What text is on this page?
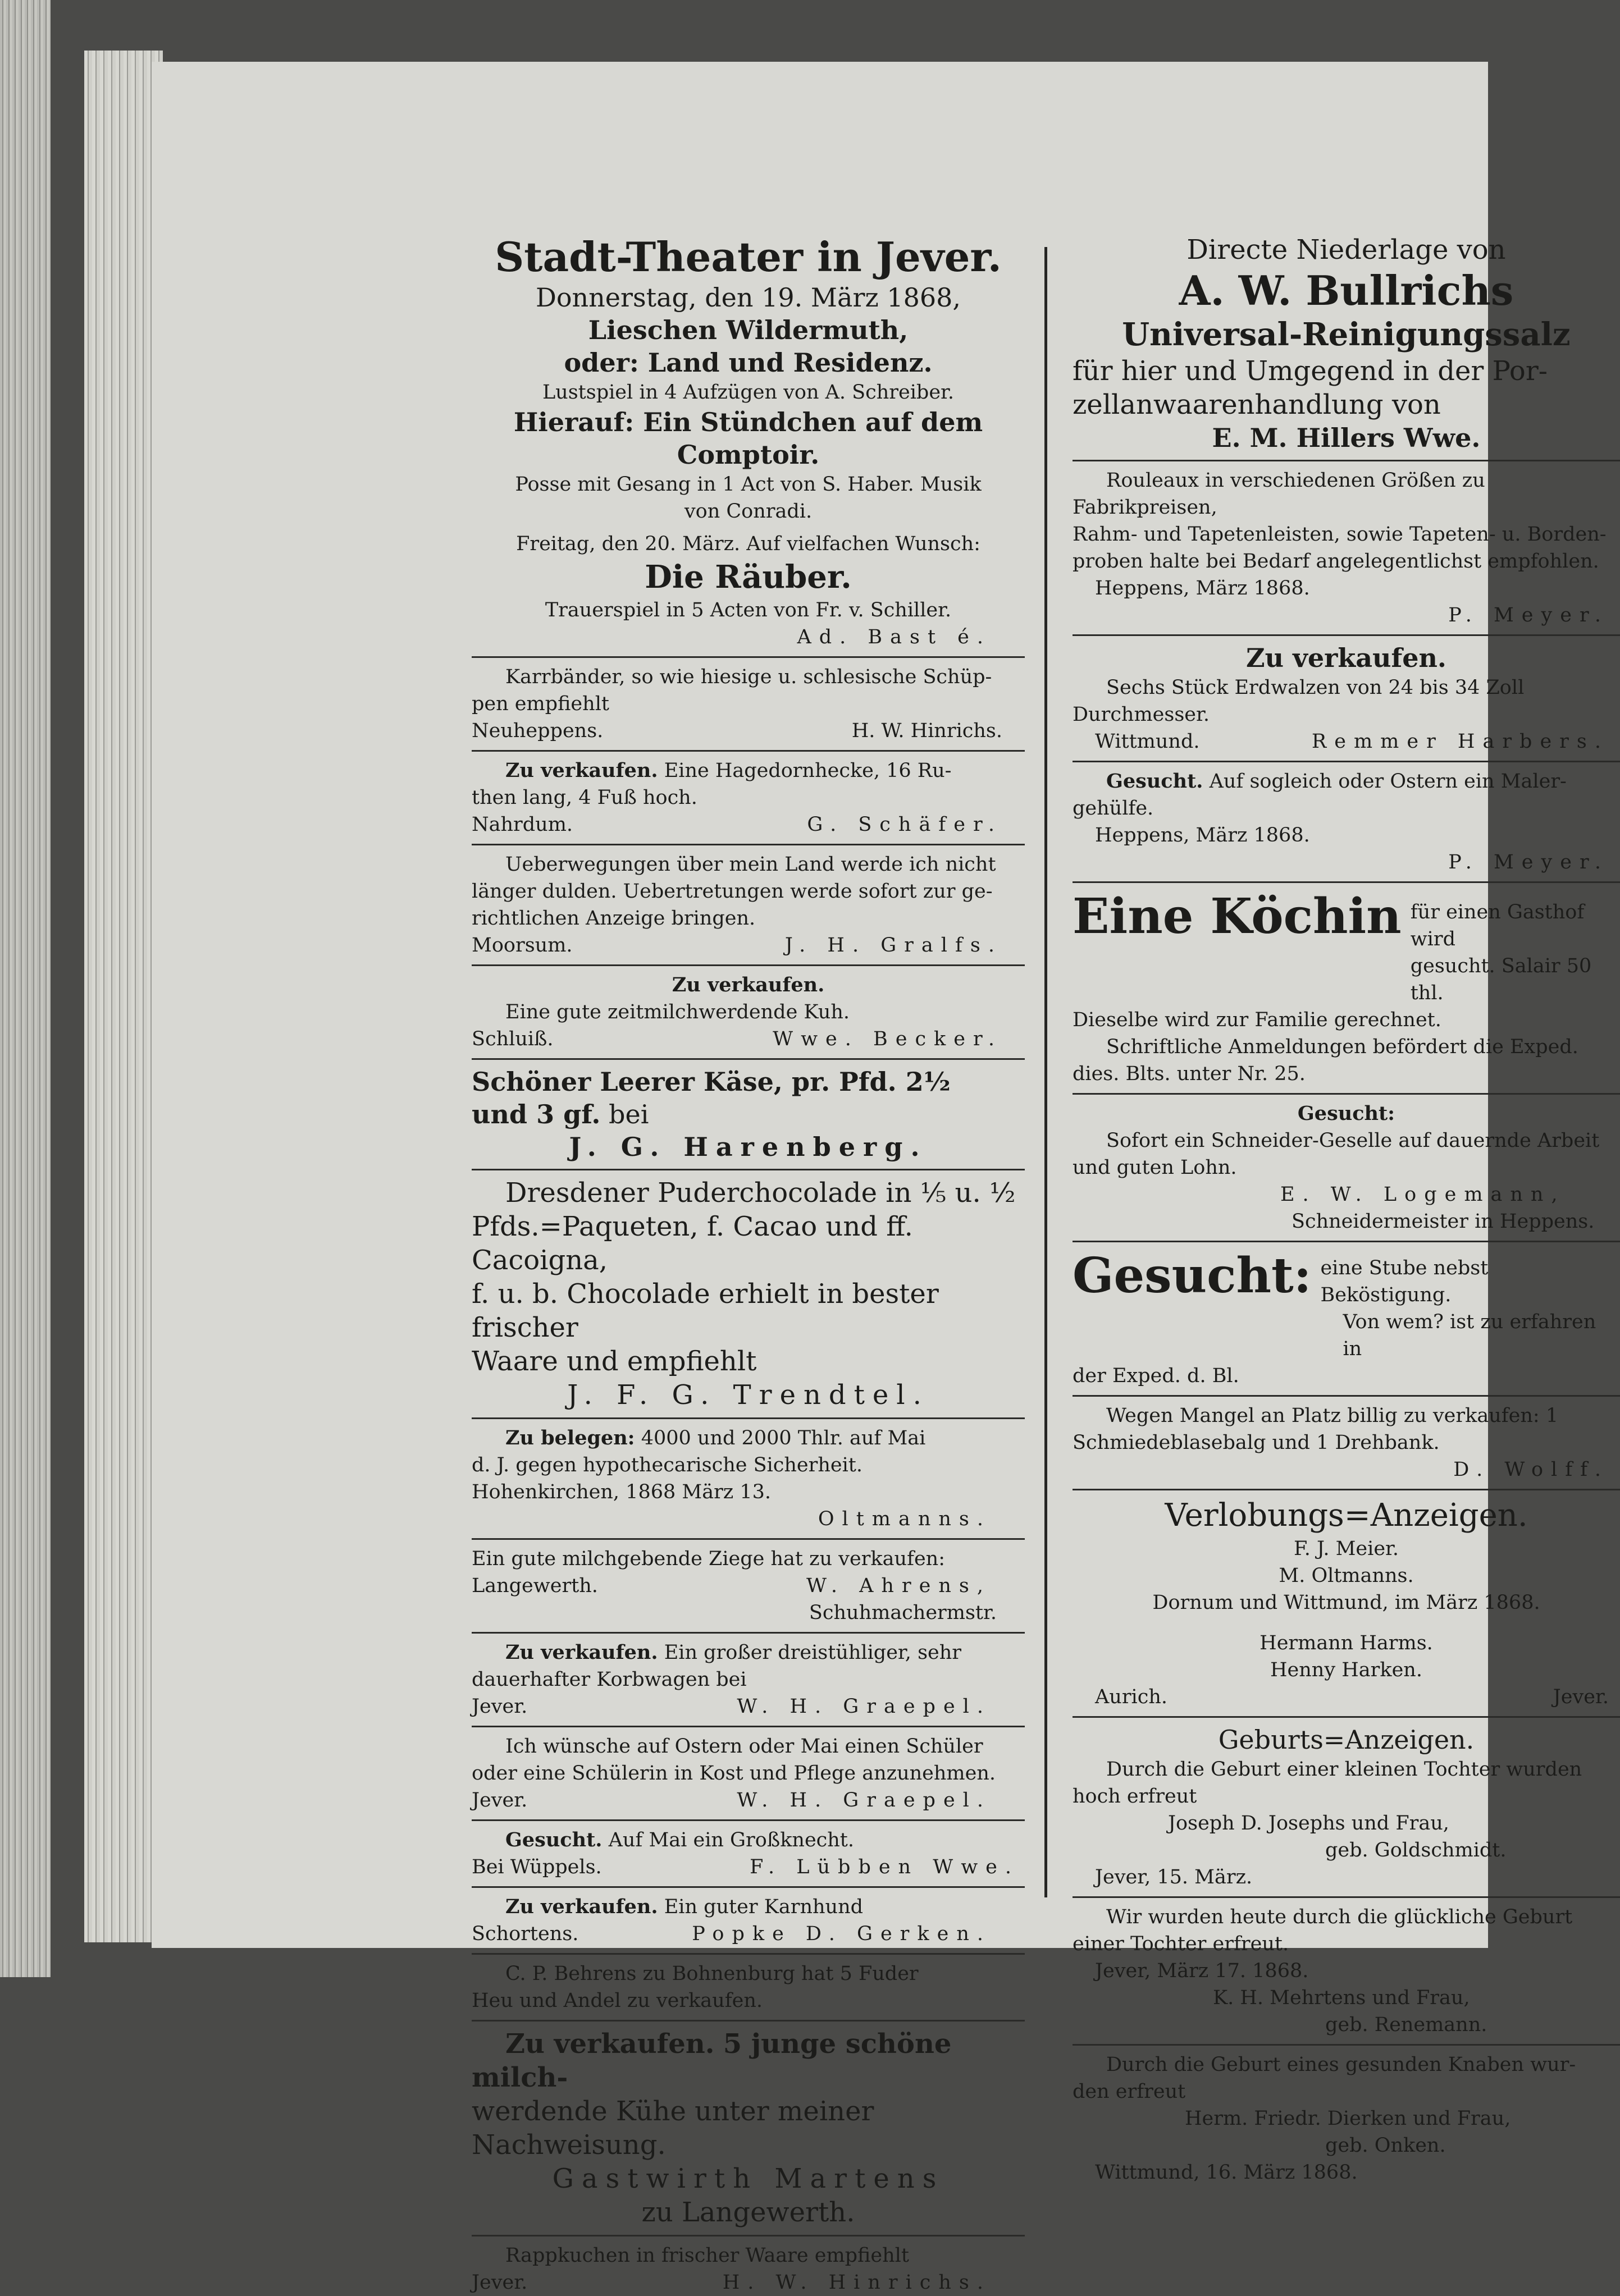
Stadt-Theater in Jever.
Donnerstag, den 19. März 1868,
Lieschen Wildermuth,
oder: Land und Residenz.
Lustspiel in 4 Aufzügen von A. Schreiber.
Hierauf: Ein Stündchen auf dem Comptoir.
Posse mit Gesang in 1 Act von S. Haber. Musik
von Conradi.
Freitag, den 20. März. Auf vielfachen Wunsch:
Die Räuber.
Trauerspiel in 5 Acten von Fr. v. Schiller.
Ad. Bast é.
Karrbänder, so wie hiesige u. schlesische Schüp-
pen empfiehlt
Neuheppens.	H. W. Hinrichs.
Zu verkaufen. Eine Hagedornhecke, 16 Ru-
then lang, 4 Fuß hoch.
Nahrdum.	G. Schäfer.
Ueberwegungen über mein Land werde ich nicht
länger dulden. Uebertretungen werde sofort zur ge-
richtlichen Anzeige bringen.
Moorsum.	J. H. Gralfs.
Zu verkaufen.
Eine gute zeitmilchwerdende Kuh.
Schluiß.	Wwe. Becker.
Schöner Leerer Käse, pr. Pfd. 2½
und 3 gf. bei
J. G. Harenberg.
Dresdener Puderchocolade in ⅕ u. ½
Pfds.=Paqueten, f. Cacao und ff. Cacoigna,
f. u. b. Chocolade erhielt in bester frischer
Waare und empfiehlt
J. F. G. Trendtel.
Zu belegen: 4000 und 2000 Thlr. auf Mai
d. J. gegen hypothecarische Sicherheit.
Hohenkirchen, 1868 März 13.
Oltmanns.
Ein gute milchgebende Ziege hat zu verkaufen:
Langewerth.	W. Ahrens,
Schuhmachermstr.
Zu verkaufen. Ein großer dreistühliger, sehr
dauerhafter Korbwagen bei
Jever.	W. H. Graepel.
Ich wünsche auf Ostern oder Mai einen Schüler
oder eine Schülerin in Kost und Pflege anzunehmen.
Jever.	W. H. Graepel.
Gesucht. Auf Mai ein Großknecht.
Bei Wüppels.	F. Lübben Wwe.
Zu verkaufen. Ein guter Karnhund
Schortens.	Popke D. Gerken.
C. P. Behrens zu Bohnenburg hat 5 Fuder
Heu und Andel zu verkaufen.
Zu verkaufen. 5 junge schöne milch-
werdende Kühe unter meiner Nachweisung.
Gastwirth Martens
zu Langewerth.
Rappkuchen in frischer Waare empfiehlt
Jever.	H. W. Hinrichs.
Directe Niederlage von
A. W. Bullrichs
Universal-Reinigungssalz
für hier und Umgegend in der Por-
zellanwaarenhandlung von
E. M. Hillers Wwe.
Rouleaux in verschiedenen Größen zu Fabrikpreisen,
Rahm- und Tapetenleisten, sowie Tapeten- u. Borden-
proben halte bei Bedarf angelegentlichst empfohlen.
Heppens, März 1868.
P. Meyer.
Zu verkaufen.
Sechs Stück Erdwalzen von 24 bis 34 Zoll
Durchmesser.
Wittmund.	Remmer Harbers.
Gesucht. Auf sogleich oder Ostern ein Maler-
gehülfe.
Heppens, März 1868.
P. Meyer.
Eine Köchin für einen Gasthof wird
gesucht. Salair 50 thl.
Dieselbe wird zur Familie gerechnet.
Schriftliche Anmeldungen befördert die Exped.
dies. Blts. unter Nr. 25.
Gesucht:
Sofort ein Schneider-Geselle auf dauernde Arbeit
und guten Lohn.
E. W. Logemann,
Schneidermeister in Heppens.
Gesucht: eine Stube nebst Beköstigung.
Von wem? ist zu erfahren in
der Exped. d. Bl.
Wegen Mangel an Platz billig zu verkaufen: 1
Schmiedeblasebalg und 1 Drehbank.
D. Wolff.
Verlobungs=Anzeigen.
F. J. Meier.
M. Oltmanns.
Dornum und Wittmund, im März 1868.
Hermann Harms.
Henny Harken.
Aurich.	Jever.
Geburts=Anzeigen.
Durch die Geburt einer kleinen Tochter wurden
hoch erfreut
Joseph D. Josephs und Frau,
geb. Goldschmidt.
Jever, 15. März.
Wir wurden heute durch die glückliche Geburt
einer Tochter erfreut.
Jever, März 17. 1868.
K. H. Mehrtens und Frau,
geb. Renemann.
Durch die Geburt eines gesunden Knaben wur-
den erfreut
Herm. Friedr. Dierken und Frau,
geb. Onken.
Wittmund, 16. März 1868.
